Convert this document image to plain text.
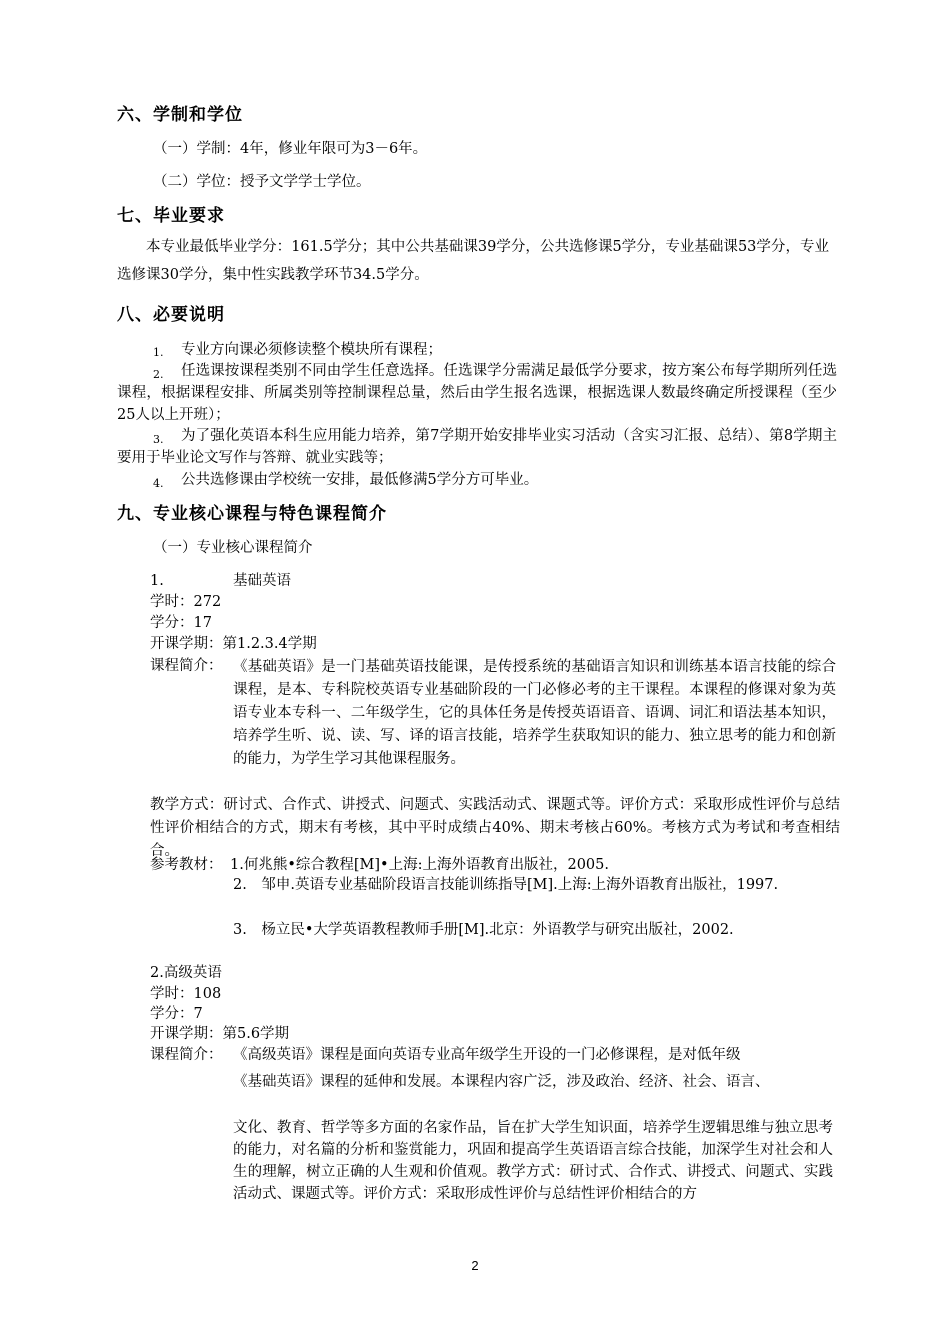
六、学制和学位
（一）学制：4年，修业年限可为3－6年。
（二）学位：授予文学学士学位。
七、毕业要求
本专业最低毕业学分：161.5学分；其中公共基础课39学分，公共选修课5学分，专业基础课53学分，专业选修课30学分，集中性实践教学环节34.5学分。
八、必要说明
1. 专业方向课必须修读整个模块所有课程；
2.	任选课按课程类别不同由学生任意选择。任选课学分需满足最低学分要求，按方案公布每学期所列任选课程，根据课程安排、所属类别等控制课程总量，然后由学生报名选课，根据选课人数最终确定所授课程（至少25人以上开班）；
3.	为了强化英语本科生应用能力培养，第7学期开始安排毕业实习活动（含实习汇报、总结）、第8学期主要用于毕业论文写作与答辩、就业实践等；
4. 公共选修课由学校统一安排，最低修满5学分方可毕业。
九、专业核心课程与特色课程简介
（一）专业核心课程简介
1.	基础英语
学时：272
学分：17
开课学期：第1.2.3.4学期
课程简介： 《基础英语》是一门基础英语技能课，是传授系统的基础语言知识和训练基本语言技能的综合课程，是本、专科院校英语专业基础阶段的一门必修必考的主干课程。本课程的修课对象为英语专业本专科一、二年级学生，它的具体任务是传授英语语音、语调、词汇和语法基本知识，培养学生听、说、读、写、译的语言技能，培养学生获取知识的能力、独立思考的能力和创新的能力，为学生学习其他课程服务。
教学方式：研讨式、合作式、讲授式、问题式、实践活动式、课题式等。评价方式：采取形成性评价与总结性评价相结合的方式，期末有考核，其中平时成绩占40%、期末考核占60%。考核方式为考试和考查相结合。
参考教材： 1.何兆熊•综合教程[M]•上海:上海外语教育出版社，2005.
2.　邹申.英语专业基础阶段语言技能训练指导[M].上海:上海外语教育出版社，1997.
3.　杨立民•大学英语教程教师手册[M].北京：外语教学与研究出版社，2002.
2.高级英语
学时：108
学分：7
开课学期：第5.6学期
课程简介： 《高级英语》课程是面向英语专业高年级学生开设的一门必修课程，是对低年级
《基础英语》课程的延伸和发展。本课程内容广泛，涉及政治、经济、社会、语言、
文化、教育、哲学等多方面的名家作品，旨在扩大学生知识面，培养学生逻辑思维与独立思考的能力，对名篇的分析和鉴赏能力，巩固和提高学生英语语言综合技能，加深学生对社会和人生的理解，树立正确的人生观和价值观。教学方式：研讨式、合作式、讲授式、问题式、实践活动式、课题式等。评价方式：采取形成性评价与总结性评价相结合的方
2
